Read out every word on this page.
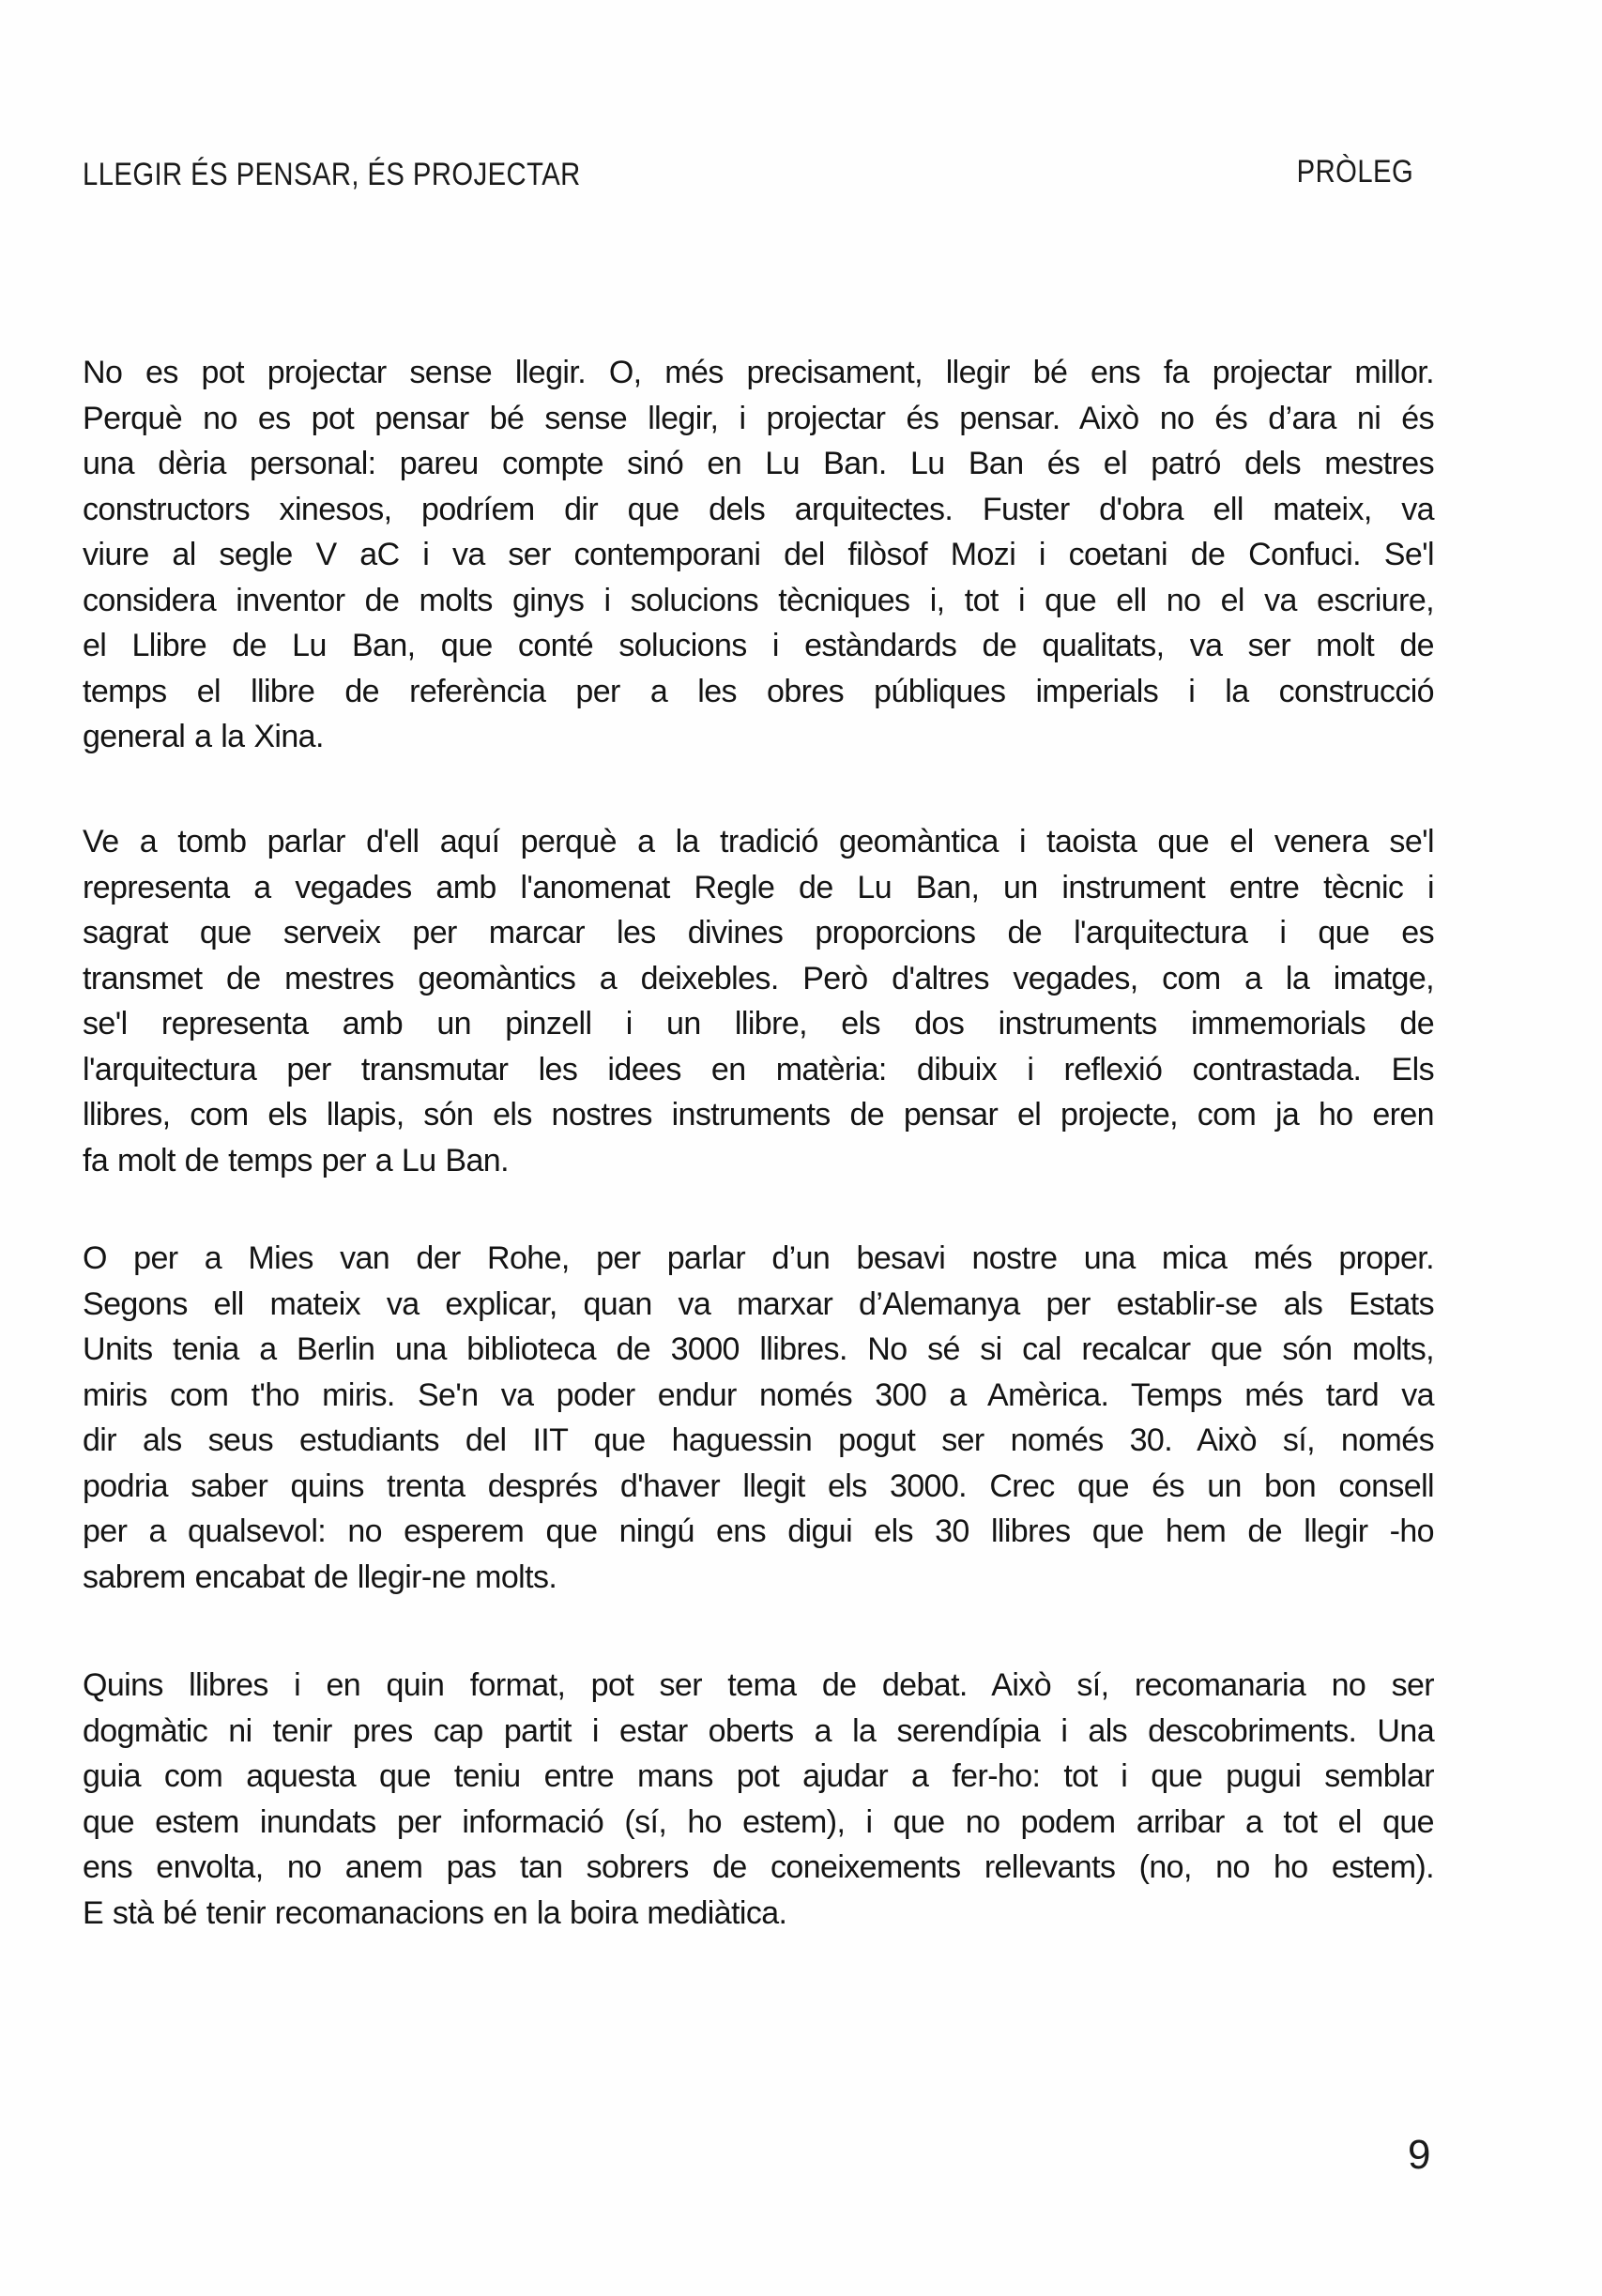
LLEGIR ÉS PENSAR, ÉS PROJECTAR	PRÒLEG
No es pot projectar sense llegir. O, més precisament, llegir bé ens fa projectar millor.
Perquè no es pot pensar bé sense llegir, i projectar és pensar. Això no és d’ara ni és
una dèria personal: pareu compte sinó en Lu Ban. Lu Ban és el patró dels mestres
constructors xinesos, podríem dir que dels arquitectes. Fuster d'obra ell mateix, va
viure al segle V aC i va ser contemporani del filòsof Mozi i coetani de Confuci. Se'l
considera inventor de molts ginys i solucions tècniques i, tot i que ell no el va escriure,
el Llibre de Lu Ban, que conté solucions i estàndards de qualitats, va ser molt de
temps el llibre de referència per a les obres públiques imperials i la construcció
general a la Xina.
Ve a tomb parlar d'ell aquí perquè a la tradició geomàntica i taoista que el venera se'l
representa a vegades amb l'anomenat Regle de Lu Ban, un instrument entre tècnic i
sagrat que serveix per marcar les divines proporcions de l'arquitectura i que es
transmet de mestres geomàntics a deixebles. Però d'altres vegades, com a la imatge,
se'l representa amb un pinzell i un llibre, els dos instruments immemorials de
l'arquitectura per transmutar les idees en matèria: dibuix i reflexió contrastada. Els
llibres, com els llapis, són els nostres instruments de pensar el projecte, com ja ho eren
fa molt de temps per a Lu Ban.
O per a Mies van der Rohe, per parlar d’un besavi nostre una mica més proper.
Segons ell mateix va explicar, quan va marxar d’Alemanya per establir-se als Estats
Units tenia a Berlin una biblioteca de 3000 llibres. No sé si cal recalcar que són molts,
miris com t'ho miris. Se'n va poder endur només 300 a Amèrica. Temps més tard va
dir als seus estudiants del IIT que haguessin pogut ser només 30. Això sí, només
podria saber quins trenta després d'haver llegit els 3000. Crec que és un bon consell
per a qualsevol: no esperem que ningú ens digui els 30 llibres que hem de llegir -ho
sabrem encabat de llegir-ne molts.
Quins llibres i en quin format, pot ser tema de debat. Això sí, recomanaria no ser
dogmàtic ni tenir pres cap partit i estar oberts a la serendípia i als descobriments. Una
guia com aquesta que teniu entre mans pot ajudar a fer-ho: tot i que pugui semblar
que estem inundats per informació (sí, ho estem), i que no podem arribar a tot el que
ens envolta, no anem pas tan sobrers de coneixements rellevants (no, no ho estem).
E stà bé tenir recomanacions en la boira mediàtica.
9
